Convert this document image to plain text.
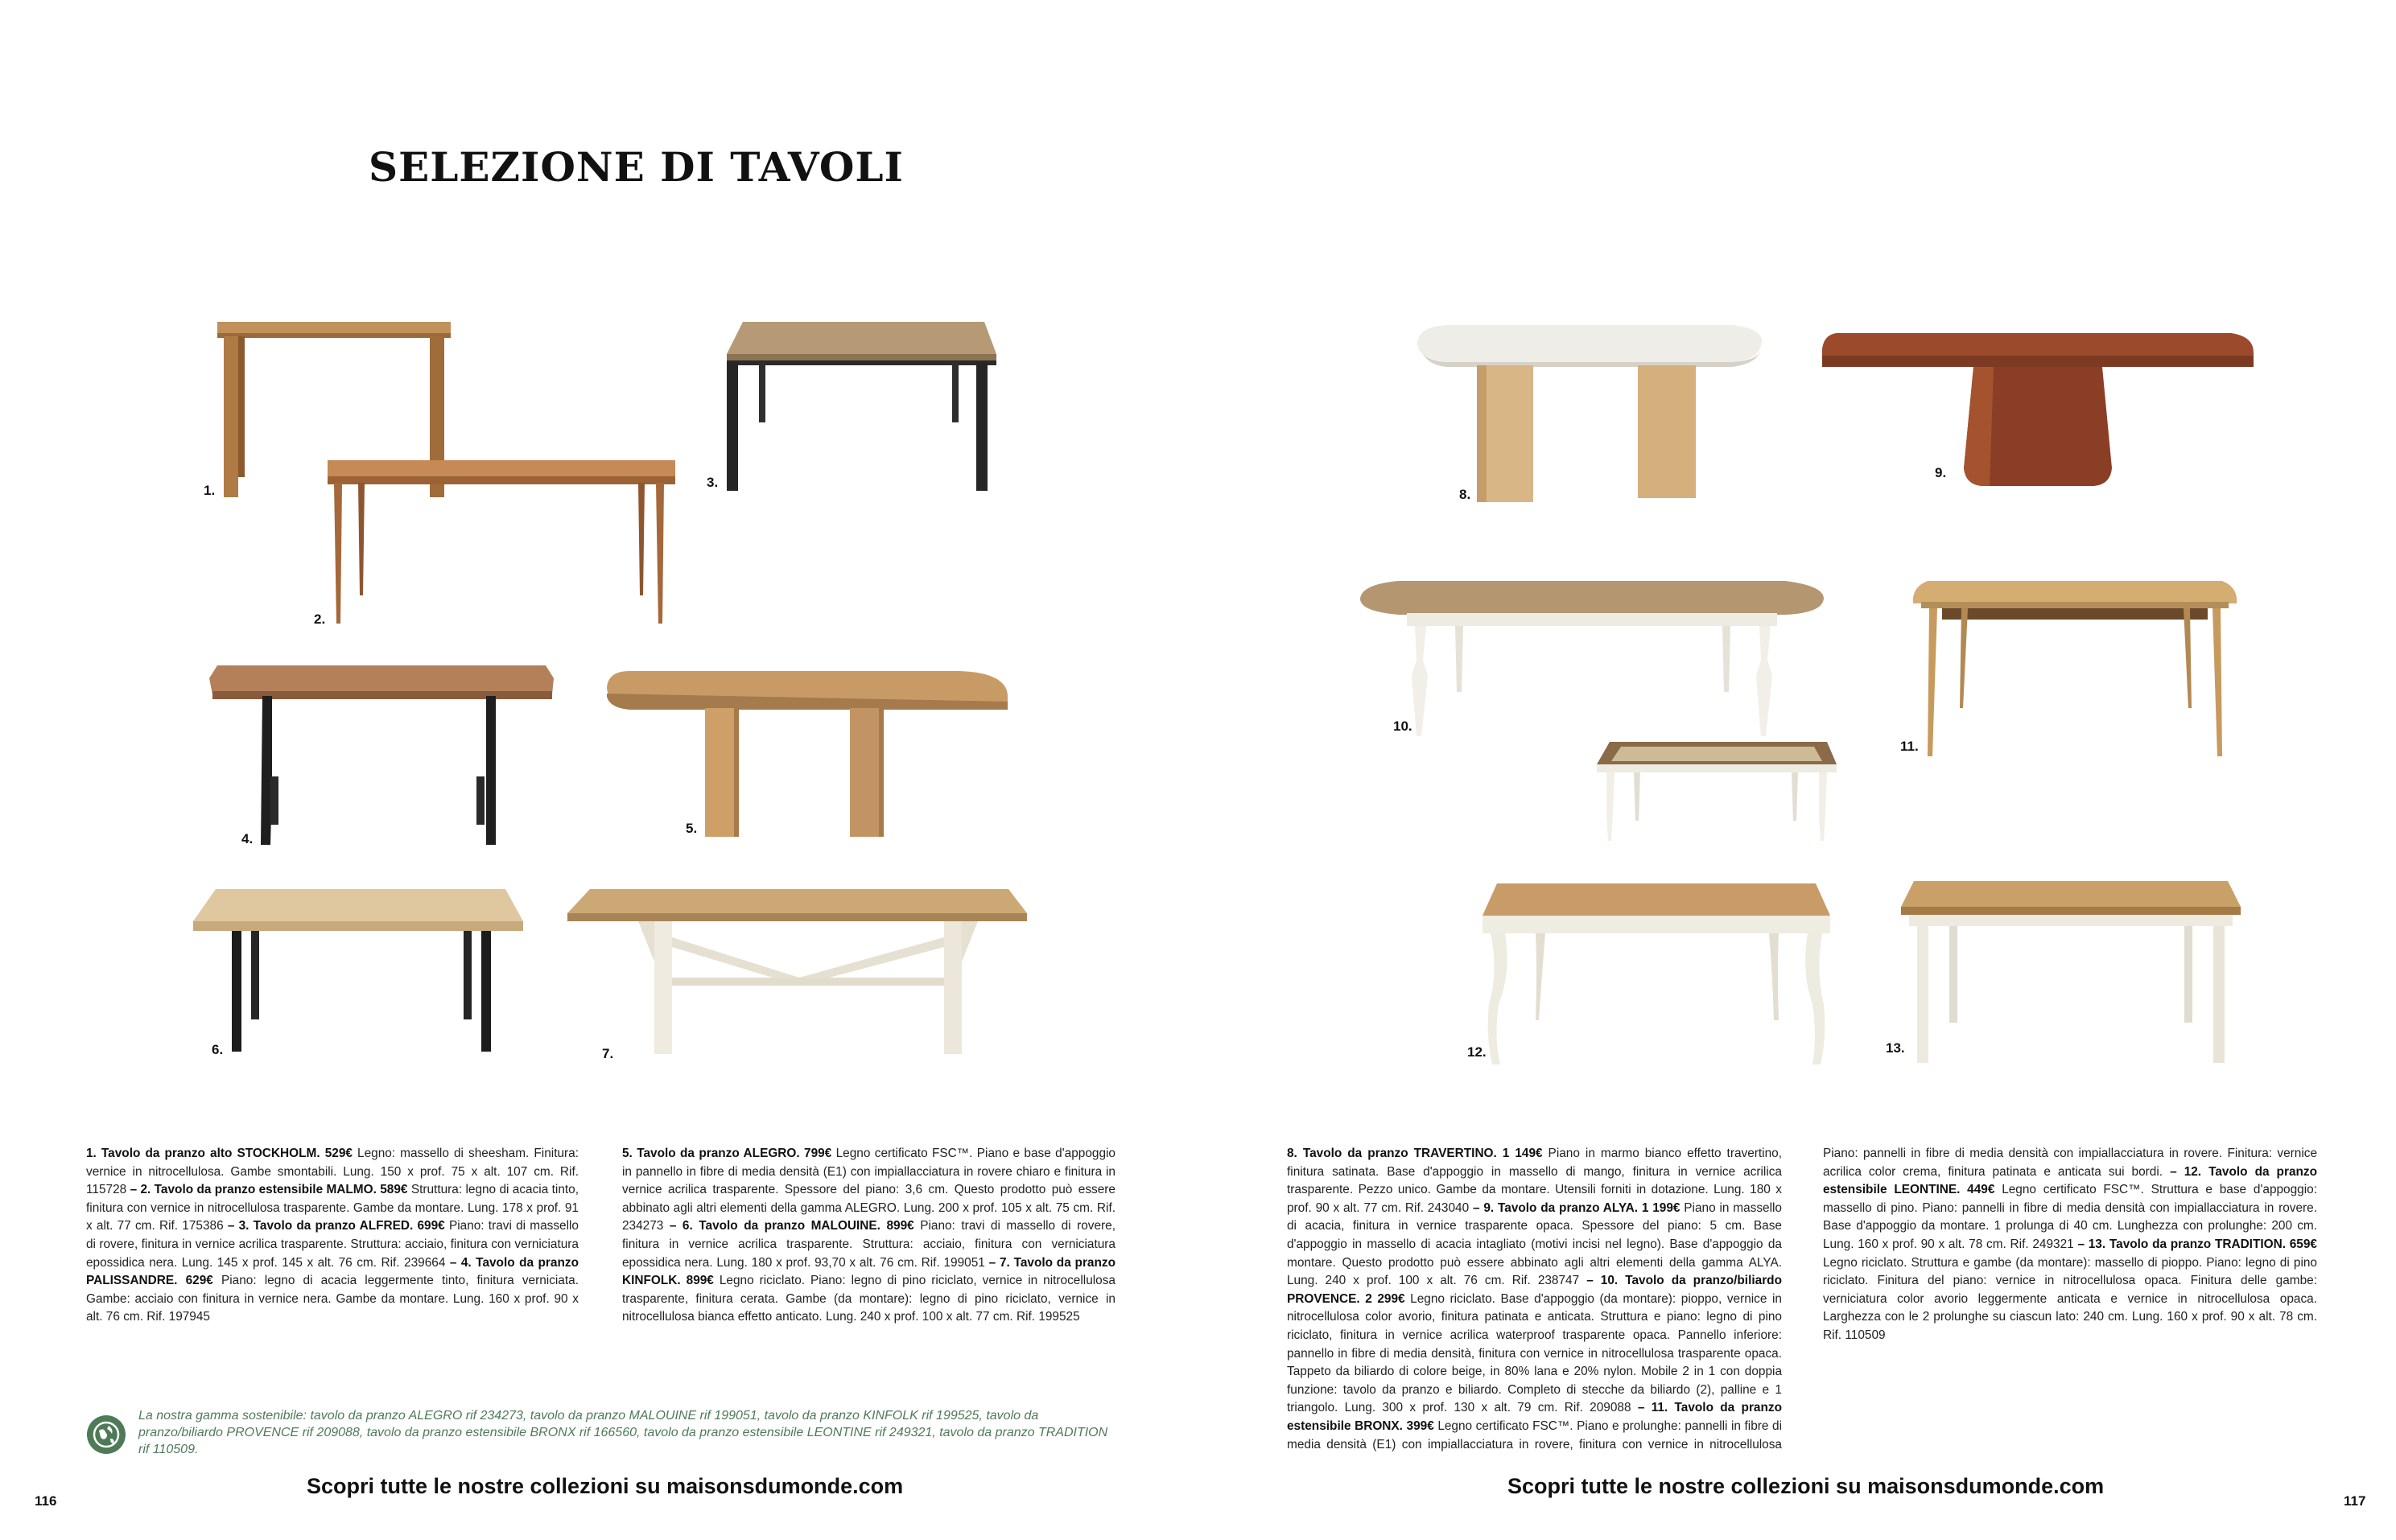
SELEZIONE DI TAVOLI
1.
2.
3.
4.
5.
6.	7.
8.
9.
10.
11.
12.	13.

1. Tavolo da pranzo alto STOCKHOLM. 529€ Legno: massello di sheesham. Finitura: vernice in nitrocellulosa. Gambe smontabili. Lung. 150 x prof. 75 x alt. 107 cm. Rif. 115728 – 2. Tavolo da pranzo estensibile MALMO. 589€ Struttura: legno di acacia tinto, finitura con vernice in nitrocellulosa trasparente. Gambe da montare. Lung. 178 x prof. 91 x alt. 77 cm. Rif. 175386 – 3. Tavolo da pranzo ALFRED. 699€ Piano: travi di massello di rovere, finitura in vernice acrilica trasparente. Struttura: acciaio, finitura con verniciatura epossidica nera. Lung. 145 x prof. 145 x alt. 76 cm. Rif. 239664 – 4. Tavolo da pranzo PALISSANDRE. 629€ Piano: legno di acacia leggermente tinto, finitura verniciata. Gambe: acciaio con finitura in vernice nera. Gambe da montare. Lung. 160 x prof. 90 x alt. 76 cm. Rif. 197945

5. Tavolo da pranzo ALEGRO. 799€ Legno certificato FSC™. Piano e base d'appoggio in pannello in fibre di media densità (E1) con impiallacciatura in rovere chiaro e finitura in vernice acrilica trasparente. Spessore del piano: 3,6 cm. Questo prodotto può essere abbinato agli altri elementi della gamma ALEGRO. Lung. 200 x prof. 105 x alt. 75 cm. Rif. 234273 – 6. Tavolo da pranzo MALOUINE. 899€ Piano: travi di massello di rovere, finitura in vernice acrilica trasparente. Struttura: acciaio, finitura con verniciatura epossidica nera. Lung. 180 x prof. 93,70 x alt. 76 cm. Rif. 199051 – 7. Tavolo da pranzo KINFOLK. 899€ Legno riciclato. Piano: legno di pino riciclato, vernice in nitrocellulosa trasparente, finitura cerata. Gambe (da montare): legno di pino riciclato, vernice in nitrocellulosa bianca effetto anticato. Lung. 240 x prof. 100 x alt. 77 cm. Rif. 199525

8. Tavolo da pranzo TRAVERTINO. 1 149€ Piano in marmo bianco effetto travertino, finitura satinata. Base d'appoggio in massello di mango, finitura in vernice acrilica trasparente. Pezzo unico. Gambe da montare. Utensili forniti in dotazione. Lung. 180 x prof. 90 x alt. 77 cm. Rif. 243040 – 9. Tavolo da pranzo ALYA. 1 199€ Piano in massello di acacia, finitura in vernice trasparente opaca. Spessore del piano: 5 cm. Base d'appoggio in massello di acacia intagliato (motivi incisi nel legno). Base d'appoggio da montare. Questo prodotto può essere abbinato agli altri elementi della gamma ALYA. Lung. 240 x prof. 100 x alt. 76 cm. Rif. 238747 – 10. Tavolo da pranzo/biliardo PROVENCE. 2 299€ Legno riciclato. Base d'appoggio (da montare): pioppo, vernice in nitrocellulosa color avorio, finitura patinata e anticata. Struttura e piano: legno di pino riciclato, finitura in vernice acrilica waterproof trasparente opaca. Pannello inferiore: pannello in fibre di media densità, finitura con vernice in nitrocellulosa trasparente opaca. Tappeto da biliardo di colore beige, in 80% lana e 20% nylon. Mobile 2 in 1 con doppia funzione: tavolo da pranzo e biliardo. Completo di stecche da biliardo (2), palline e 1 triangolo. Lung. 300 x prof. 130 x alt. 79 cm. Rif. 209088 – 11. Tavolo da pranzo estensibile BRONX. 399€ Legno certificato FSC™. Piano e prolunghe: pannelli in fibre di media densità (E1) con impiallacciatura in rovere, finitura con vernice in nitrocellulosa

Piano: pannelli in fibre di media densità con impiallacciatura in rovere. Finitura: vernice acrilica color crema, finitura patinata e anticata sui bordi. – 12. Tavolo da pranzo estensibile LEONTINE. 449€ Legno certificato FSC™. Struttura e base d'appoggio: massello di pino. Piano: pannelli in fibre di media densità con impiallacciatura in rovere. Base d'appoggio da montare. 1 prolunga di 40 cm. Lunghezza con prolunghe: 200 cm. Lung. 160 x prof. 90 x alt. 78 cm. Rif. 249321 – 13. Tavolo da pranzo TRADITION. 659€ Legno riciclato. Struttura e gambe (da montare): massello di pioppo. Piano: legno di pino riciclato. Finitura del piano: vernice in nitrocellulosa opaca. Finitura delle gambe: verniciatura color avorio leggermente anticata e vernice in nitrocellulosa opaca. Larghezza con le 2 prolunghe su ciascun lato: 240 cm. Lung. 160 x prof. 90 x alt. 78 cm. Rif. 110509

La nostra gamma sostenibile: tavolo da pranzo ALEGRO rif 234273, tavolo da pranzo MALOUINE rif 199051, tavolo da pranzo KINFOLK rif 199525, tavolo da pranzo/biliardo PROVENCE rif 209088, tavolo da pranzo estensibile BRONX rif 166560, tavolo da pranzo estensibile LEONTINE rif 249321, tavolo da pranzo TRADITION rif 110509.
Scopri tutte le nostre collezioni su maisonsdumonde.com	Scopri tutte le nostre collezioni su maisonsdumonde.com
116	117
